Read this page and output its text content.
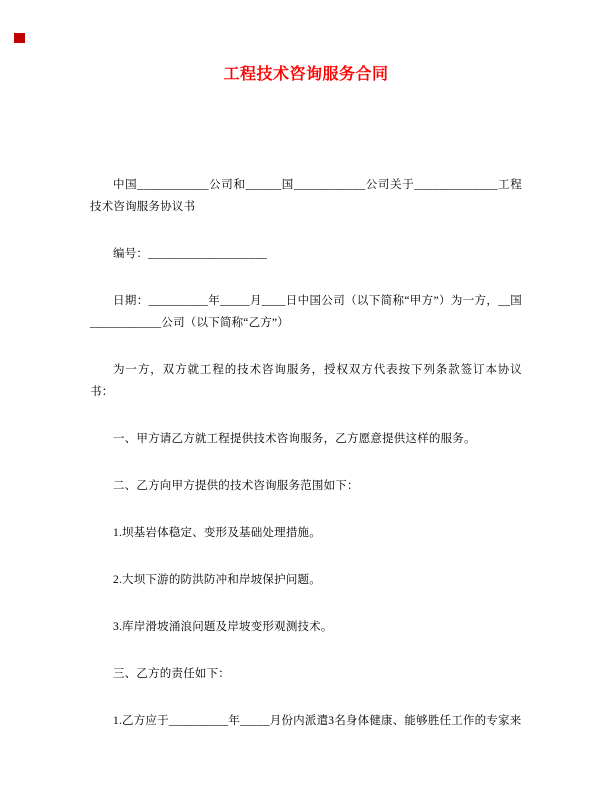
工程技术咨询服务合同

中国____________公司和______国____________公司关于______________工程技术咨询服务协议书

编号：____________________

日期：__________年_____月____日中国公司（以下简称“甲方”）为一方，__国____________公司（以下简称“乙方”）

为一方，双方就工程的技术咨询服务，授权双方代表按下列条款签订本协议书：

一、甲方请乙方就工程提供技术咨询服务，乙方愿意提供这样的服务。

二、乙方向甲方提供的技术咨询服务范围如下：

1.坝基岩体稳定、变形及基础处理措施。

2.大坝下游的防洪防冲和岸坡保护问题。

3.库岸滑坡涌浪问题及岸坡变形观测技术。

三、乙方的责任如下：

1.乙方应于__________年_____月份内派遣3名身体健康、能够胜任工作的专家来
